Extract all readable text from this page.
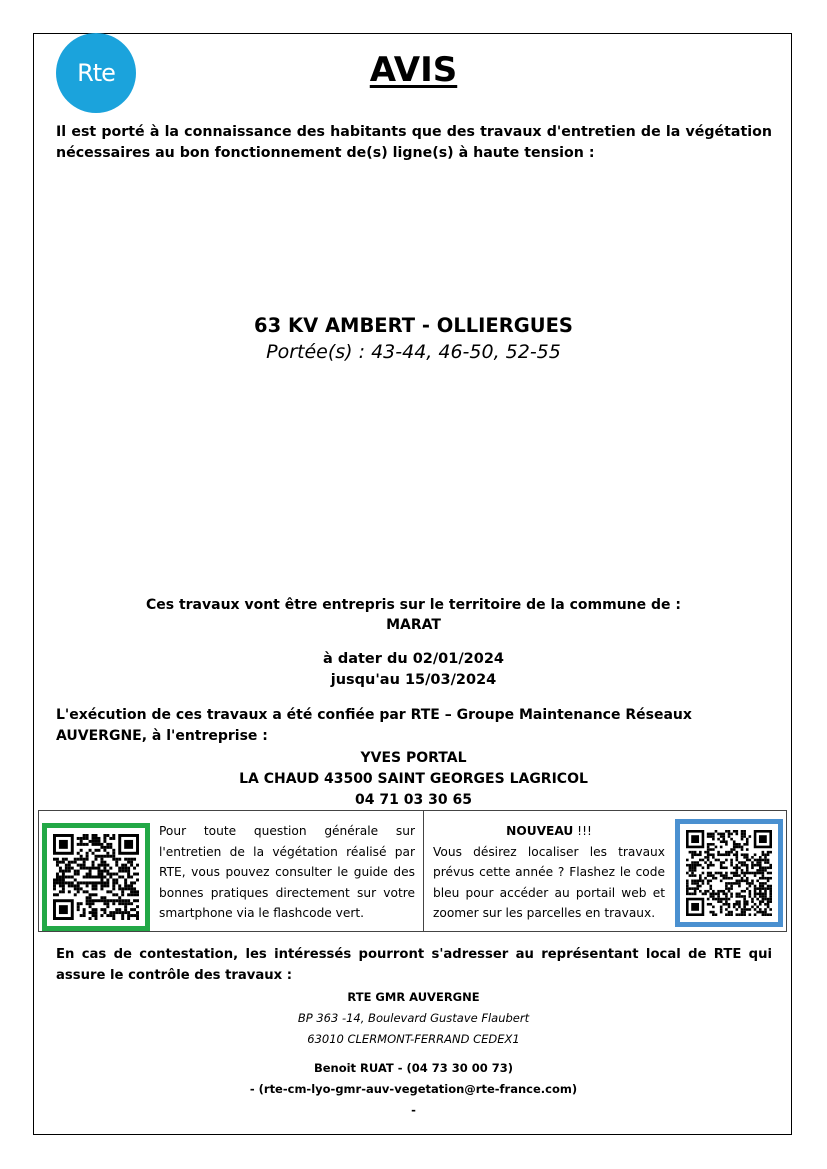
Rte	AVIS
Il est porté à la connaissance des habitants que des travaux d'entretien de la végétation nécessaires au bon fonctionnement de(s) ligne(s) à haute tension :
63 KV AMBERT - OLLIERGUES
Portée(s) : 43-44, 46-50, 52-55
Ces travaux vont être entrepris sur le territoire de la commune de :
MARAT
à dater du 02/01/2024
jusqu'au 15/03/2024
L'exécution de ces travaux a été confiée par RTE – Groupe Maintenance Réseaux AUVERGNE, à l'entreprise :
YVES PORTAL
LA CHAUD 43500 SAINT GEORGES LAGRICOL
04 71 03 30 65
Pour toute question générale sur l'entretien de la végétation réalisé par RTE, vous pouvez consulter le guide des bonnes pratiques directement sur votre smartphone via le flashcode vert.
NOUVEAU !!!
Vous désirez localiser les travaux prévus cette année ? Flashez le code bleu pour accéder au portail web et zoomer sur les parcelles en travaux.
En cas de contestation, les intéressés pourront s'adresser au représentant local de RTE qui assure le contrôle des travaux :
RTE GMR AUVERGNE
BP 363 -14, Boulevard Gustave Flaubert
63010 CLERMONT-FERRAND CEDEX1
Benoit RUAT - (04 73 30 00 73)
- (rte-cm-lyo-gmr-auv-vegetation@rte-france.com)
-
